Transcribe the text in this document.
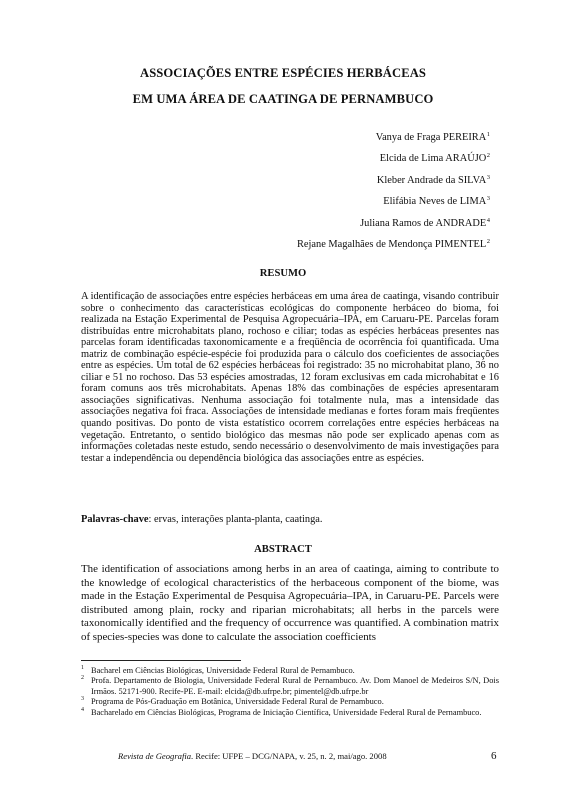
ASSOCIAÇÕES ENTRE ESPÉCIES HERBÁCEAS
EM UMA ÁREA DE CAATINGA DE PERNAMBUCO
Vanya de Fraga PEREIRA$^1$
Elcida de Lima ARAÚJO$^2$
Kleber Andrade da SILVA$^3$
Elifábia Neves de LIMA$^3$
Juliana Ramos de ANDRADE$^4$
Rejane Magalhães de Mendonça PIMENTEL$^2$
RESUMO
A identificação de associações entre espécies herbáceas em uma área de caatinga, visando contribuir sobre o conhecimento das características ecológicas do componente herbáceo do bioma, foi realizada na Estação Experimental de Pesquisa Agropecuária–IPA, em Caruaru-PE. Parcelas foram distribuídas entre microhabitats plano, rochoso e ciliar; todas as espécies herbáceas presentes nas parcelas foram identificadas taxonomicamente e a freqüência de ocorrência foi quantificada. Uma matriz de combinação espécie-espécie foi produzida para o cálculo dos coeficientes de associações entre as espécies. Um total de 62 espécies herbáceas foi registrado: 35 no microhabitat plano, 36 no ciliar e 51 no rochoso. Das 53 espécies amostradas, 12 foram exclusivas em cada microhabitat e 16 foram comuns aos três microhabitats. Apenas 18% das combinações de espécies apresentaram associações significativas. Nenhuma associação foi totalmente nula, mas a intensidade das associações negativa foi fraca. Associações de intensidade medianas e fortes foram mais freqüentes quando positivas. Do ponto de vista estatístico ocorrem correlações entre espécies herbáceas na vegetação. Entretanto, o sentido biológico das mesmas não pode ser explicado apenas com as informações coletadas neste estudo, sendo necessário o desenvolvimento de mais investigações para testar a independência ou dependência biológica das associações entre as espécies.
Palavras-chave: ervas, interações planta-planta, caatinga.
ABSTRACT
The identification of associations among herbs in an area of caatinga, aiming to contribute to the knowledge of ecological characteristics of the herbaceous component of the biome, was made in the Estação Experimental de Pesquisa Agropecuária–IPA, in Caruaru-PE. Parcels were distributed among plain, rocky and riparian microhabitats; all herbs in the parcels were taxonomically identified and the frequency of occurrence was quantified. A combination matrix of species-species was done to calculate the association coefficients
1 Bacharel em Ciências Biológicas, Universidade Federal Rural de Pernambuco.
2 Profa. Departamento de Biologia, Universidade Federal Rural de Pernambuco. Av. Dom Manoel de Medeiros S/N, Dois Irmãos. 52171-900. Recife-PE. E-mail: elcida@db.ufrpe.br; pimentel@db.ufrpe.br
3 Programa de Pós-Graduação em Botânica, Universidade Federal Rural de Pernambuco.
4 Bacharelado em Ciências Biológicas, Programa de Iniciação Científica, Universidade Federal Rural de Pernambuco.
Revista de Geografia. Recife: UFPE – DCG/NAPA, v. 25, n. 2, mai/ago. 2008	6
